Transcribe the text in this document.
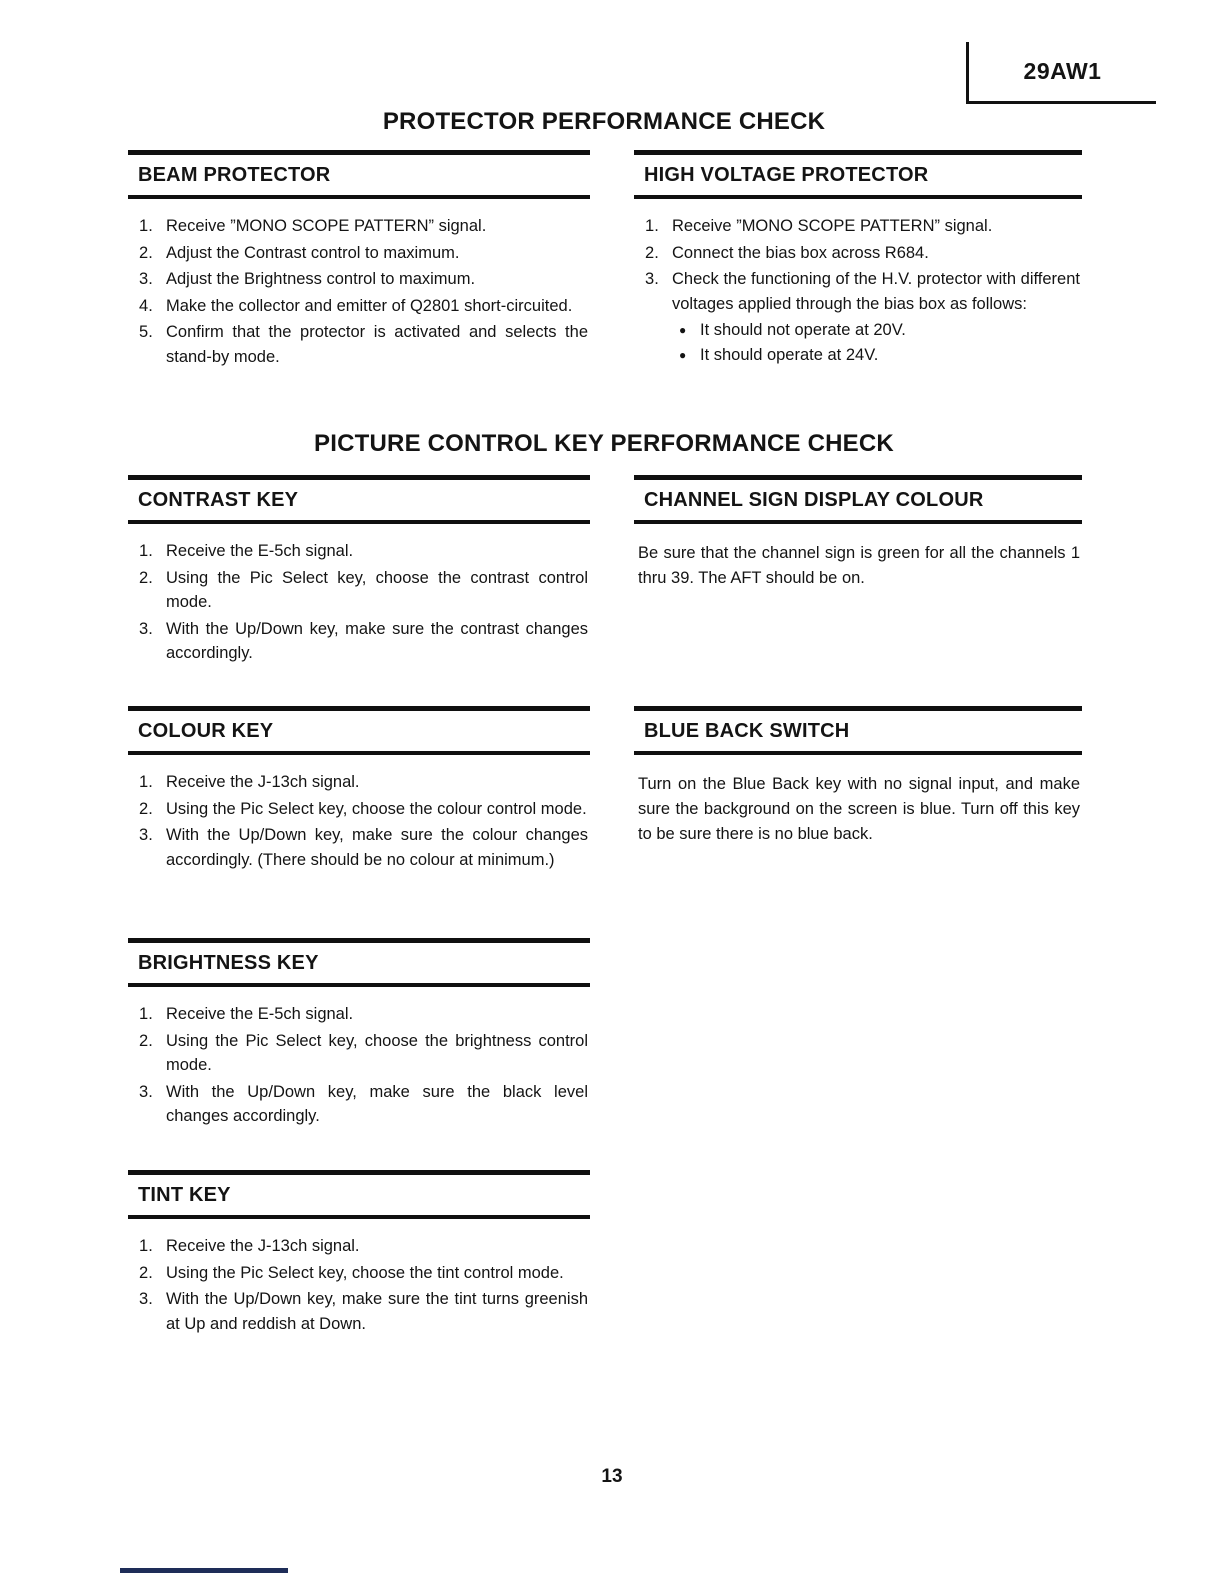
29AW1
PROTECTOR PERFORMANCE CHECK
BEAM PROTECTOR
Receive ”MONO SCOPE PATTERN” signal.
Adjust the Contrast control to maximum.
Adjust the Brightness control to maximum.
Make the collector and emitter of Q2801 short-circuited.
Confirm that the protector is activated and selects the stand-by mode.
HIGH VOLTAGE PROTECTOR
Receive ”MONO SCOPE PATTERN” signal.
Connect the bias box across R684.
Check the functioning of the H.V. protector with different voltages applied through the bias box as follows:
● It should not operate at 20V.
● It should operate at 24V.
PICTURE CONTROL KEY PERFORMANCE CHECK
CONTRAST KEY
Receive the E-5ch signal.
Using the Pic Select key, choose the contrast control mode.
With the Up/Down key, make sure the contrast changes accordingly.
CHANNEL SIGN DISPLAY COLOUR
Be sure that the channel sign is green for all the channels 1 thru 39. The AFT should be on.
COLOUR KEY
Receive the J-13ch signal.
Using the Pic Select key, choose the colour control mode.
With the Up/Down key, make sure the colour changes accordingly. (There should be no colour at minimum.)
BLUE BACK SWITCH
Turn on the Blue Back key with no signal input, and make sure the background on the screen is blue. Turn off this key to be sure there is no blue back.
BRIGHTNESS KEY
Receive the E-5ch signal.
Using the Pic Select key, choose the brightness control mode.
With the Up/Down key, make sure the black level changes accordingly.
TINT KEY
Receive the J-13ch signal.
Using the Pic Select key, choose the tint control mode.
With the Up/Down key, make sure the tint turns greenish at Up and reddish at Down.
13
